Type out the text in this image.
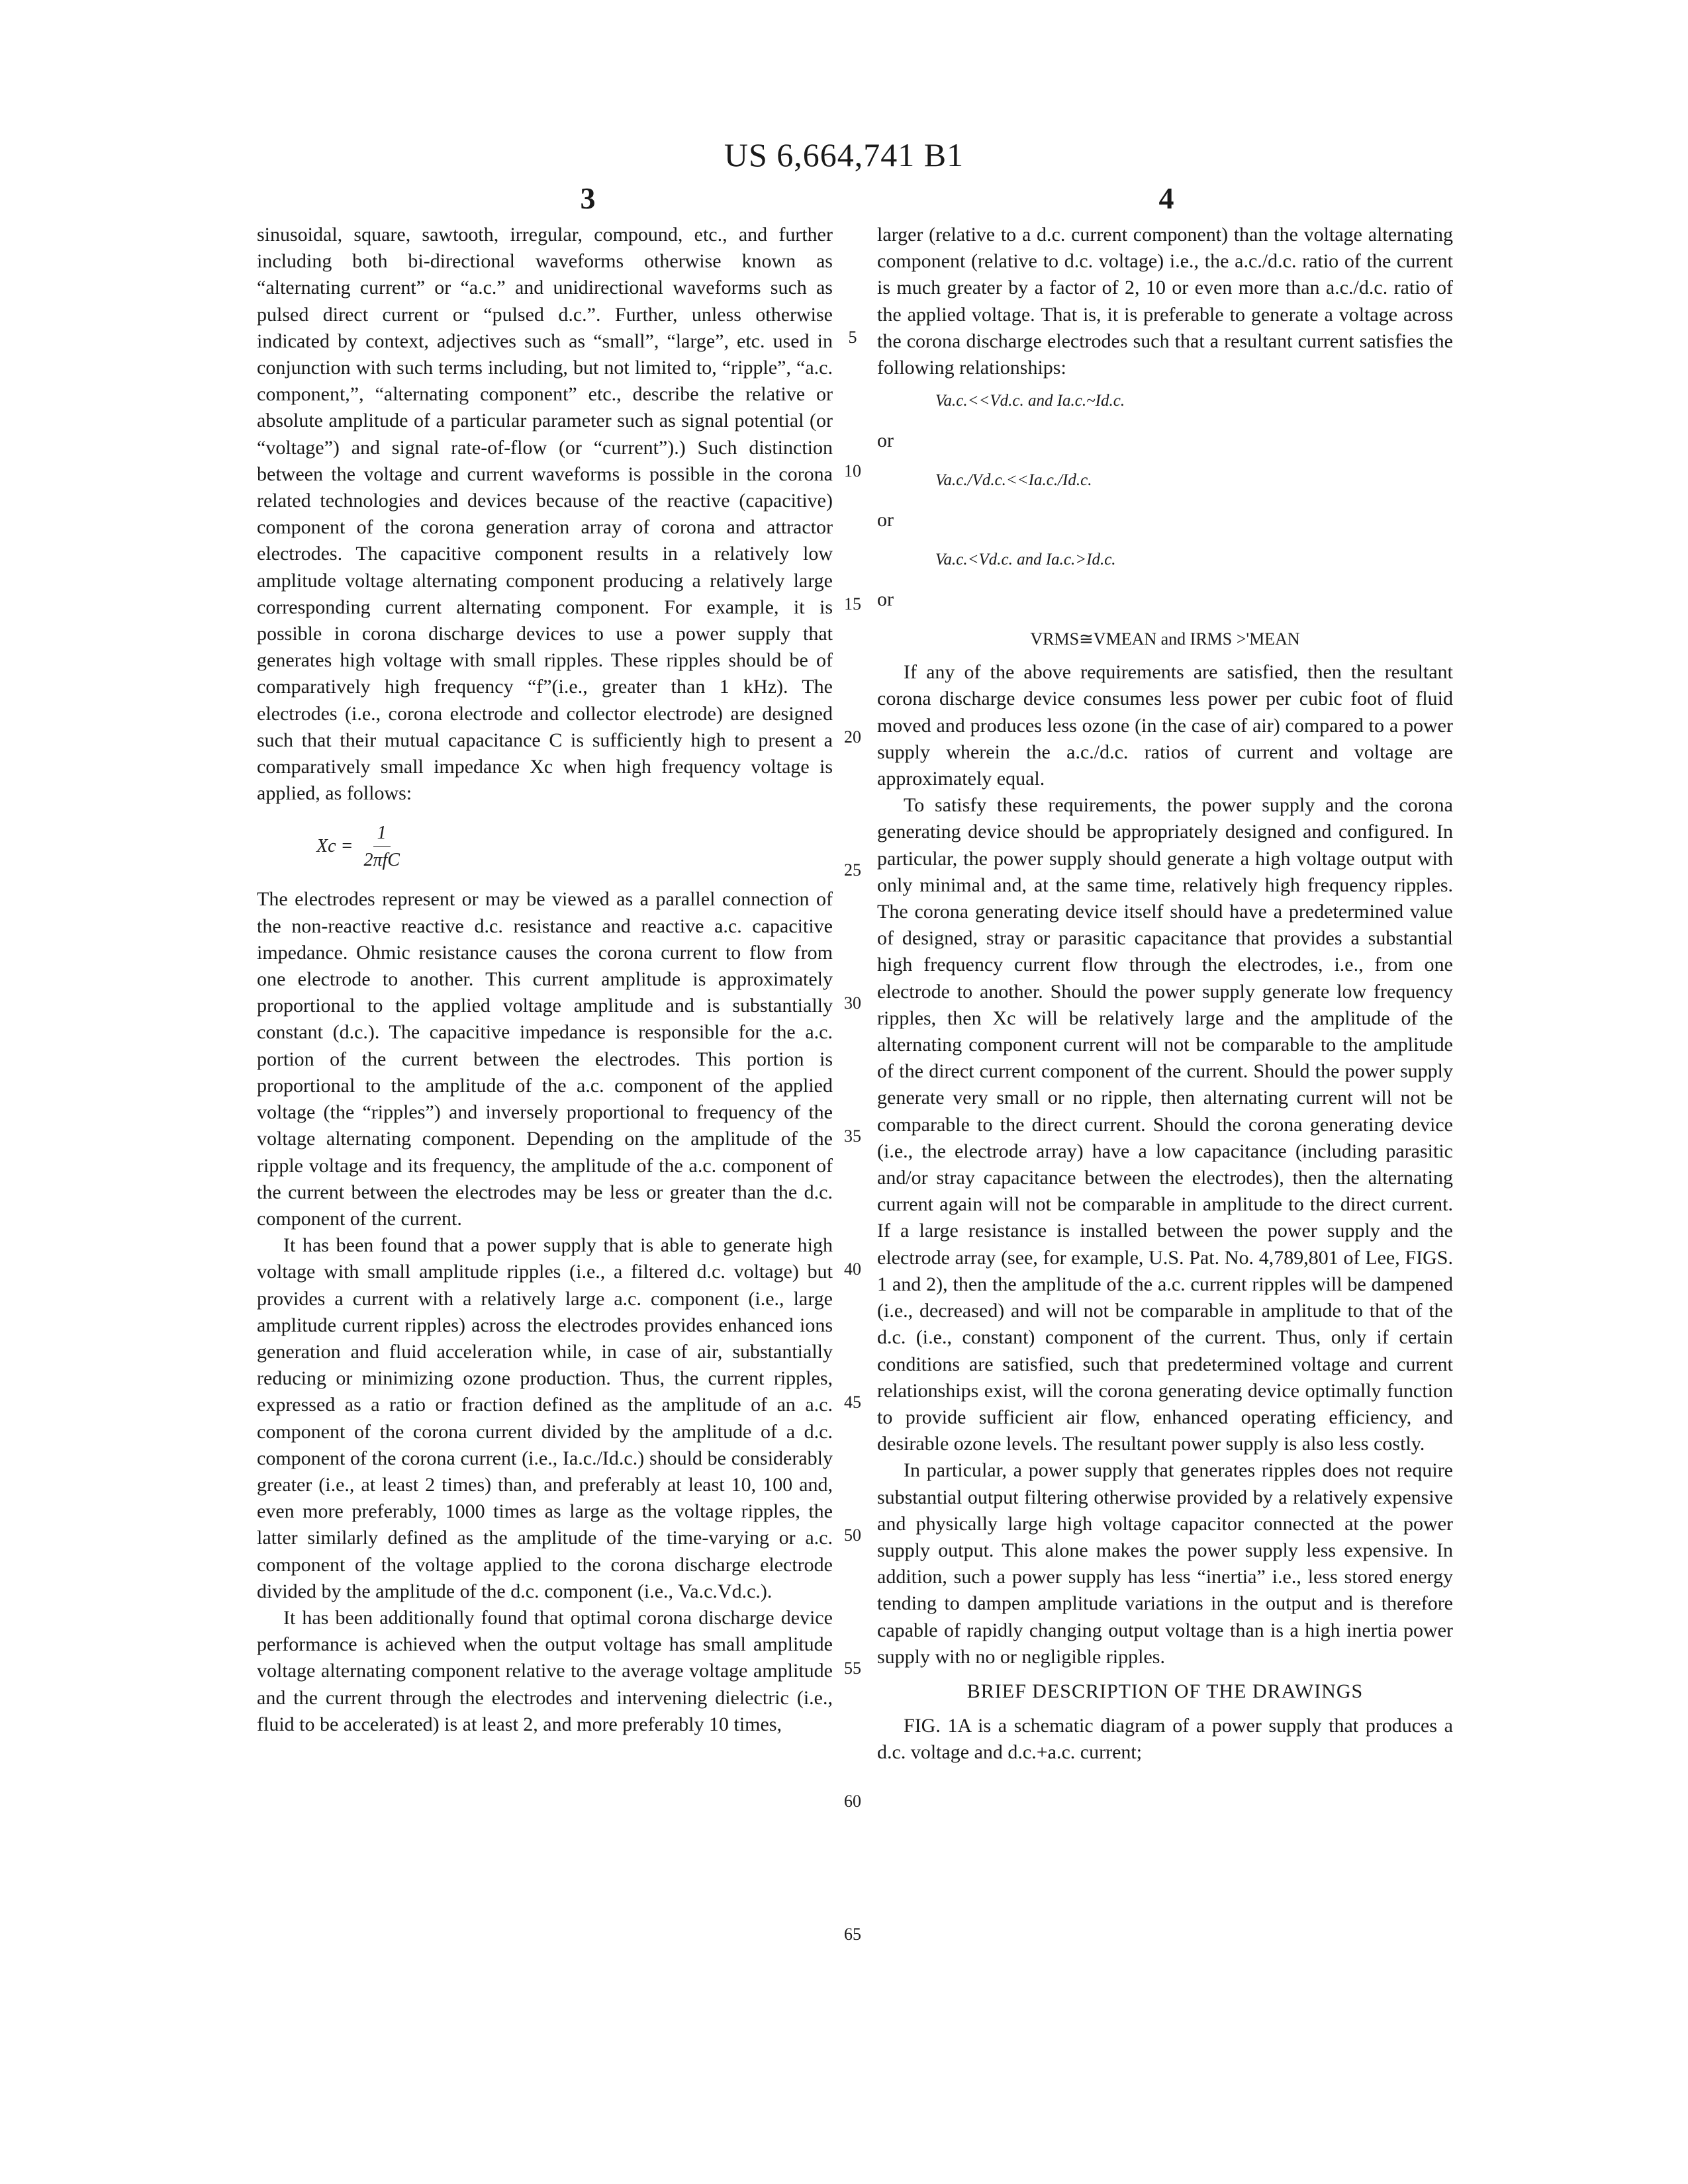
US 6,664,741 B1
3	4
5
10
15
20
25
30
35
40
45
50
55
60
65

sinusoidal, square, sawtooth, irregular, compound, etc., and further including both bi-directional waveforms otherwise known as “alternating current” or “a.c.” and unidirectional waveforms such as pulsed direct current or “pulsed d.c.”. Further, unless otherwise indicated by context, adjectives such as “small”, “large”, etc. used in conjunction with such terms including, but not limited to, “ripple”, “a.c. component,”, “alternating component” etc., describe the relative or absolute amplitude of a particular parameter such as signal potential (or “voltage”) and signal rate-of-flow (or “current”).) Such distinction between the voltage and current waveforms is possible in the corona related technologies and devices because of the reactive (capacitive) component of the corona generation array of corona and attractor electrodes. The capacitive component results in a relatively low amplitude voltage alternating component producing a relatively large corresponding current alternating component. For example, it is possible in corona discharge devices to use a power supply that generates high voltage with small ripples. These ripples should be of comparatively high frequency “f”(i.e., greater than 1 kHz). The electrodes (i.e., corona electrode and collector electrode) are designed such that their mutual capacitance C is sufficiently high to present a comparatively small impedance Xc when high frequency voltage is applied, as follows:

$Xc = \frac{1}{\text{2πfC}}$

The electrodes represent or may be viewed as a parallel connection of the non-reactive reactive d.c. resistance and reactive a.c. capacitive impedance. Ohmic resistance causes the corona current to flow from one electrode to another. This current amplitude is approximately proportional to the applied voltage amplitude and is substantially constant (d.c.). The capacitive impedance is responsible for the a.c. portion of the current between the electrodes. This portion is proportional to the amplitude of the a.c. component of the applied voltage (the “ripples”) and inversely proportional to frequency of the voltage alternating component. Depending on the amplitude of the ripple voltage and its frequency, the amplitude of the a.c. component of the current between the electrodes may be less or greater than the d.c. component of the current.

It has been found that a power supply that is able to generate high voltage with small amplitude ripples (i.e., a filtered d.c. voltage) but provides a current with a relatively large a.c. component (i.e., large amplitude current ripples) across the electrodes provides enhanced ions generation and fluid acceleration while, in case of air, substantially reducing or minimizing ozone production. Thus, the current ripples, expressed as a ratio or fraction defined as the amplitude of an a.c. component of the corona current divided by the amplitude of a d.c. component of the corona current (i.e., Ia.c./Id.c.) should be considerably greater (i.e., at least 2 times) than, and preferably at least 10, 100 and, even more preferably, 1000 times as large as the voltage ripples, the latter similarly defined as the amplitude of the time-varying or a.c. component of the voltage applied to the corona discharge electrode divided by the amplitude of the d.c. component (i.e., Va.c.Vd.c.).

It has been additionally found that optimal corona discharge device performance is achieved when the output voltage has small amplitude voltage alternating component relative to the average voltage amplitude and the current through the electrodes and intervening dielectric (i.e., fluid to be accelerated) is at least 2, and more preferably 10 times,

larger (relative to a d.c. current component) than the voltage alternating component (relative to d.c. voltage) i.e., the a.c./d.c. ratio of the current is much greater by a factor of 2, 10 or even more than a.c./d.c. ratio of the applied voltage. That is, it is preferable to generate a voltage across the corona discharge electrodes such that a resultant current satisfies the following relationships:

Va.c.<<Vd.c. and Ia.c.~Id.c.
or
Va.c./Vd.c.<<Ia.c./Id.c.
or
Va.c.<Vd.c. and Ia.c.>Id.c.
or
VRMS≅VMEAN and IRMS >'MEAN

If any of the above requirements are satisfied, then the resultant corona discharge device consumes less power per cubic foot of fluid moved and produces less ozone (in the case of air) compared to a power supply wherein the a.c./d.c. ratios of current and voltage are approximately equal.

To satisfy these requirements, the power supply and the corona generating device should be appropriately designed and configured. In particular, the power supply should generate a high voltage output with only minimal and, at the same time, relatively high frequency ripples. The corona generating device itself should have a predetermined value of designed, stray or parasitic capacitance that provides a substantial high frequency current flow through the electrodes, i.e., from one electrode to another. Should the power supply generate low frequency ripples, then Xc will be relatively large and the amplitude of the alternating component current will not be comparable to the amplitude of the direct current component of the current. Should the power supply generate very small or no ripple, then alternating current will not be comparable to the direct current. Should the corona generating device (i.e., the electrode array) have a low capacitance (including parasitic and/or stray capacitance between the electrodes), then the alternating current again will not be comparable in amplitude to the direct current. If a large resistance is installed between the power supply and the electrode array (see, for example, U.S. Pat. No. 4,789,801 of Lee, FIGS. 1 and 2), then the amplitude of the a.c. current ripples will be dampened (i.e., decreased) and will not be comparable in amplitude to that of the d.c. (i.e., constant) component of the current. Thus, only if certain conditions are satisfied, such that predetermined voltage and current relationships exist, will the corona generating device optimally function to provide sufficient air flow, enhanced operating efficiency, and desirable ozone levels. The resultant power supply is also less costly.

In particular, a power supply that generates ripples does not require substantial output filtering otherwise provided by a relatively expensive and physically large high voltage capacitor connected at the power supply output. This alone makes the power supply less expensive. In addition, such a power supply has less “inertia” i.e., less stored energy tending to dampen amplitude variations in the output and is therefore capable of rapidly changing output voltage than is a high inertia power supply with no or negligible ripples.

BRIEF DESCRIPTION OF THE DRAWINGS

FIG. 1A is a schematic diagram of a power supply that produces a d.c. voltage and d.c.+a.c. current;
